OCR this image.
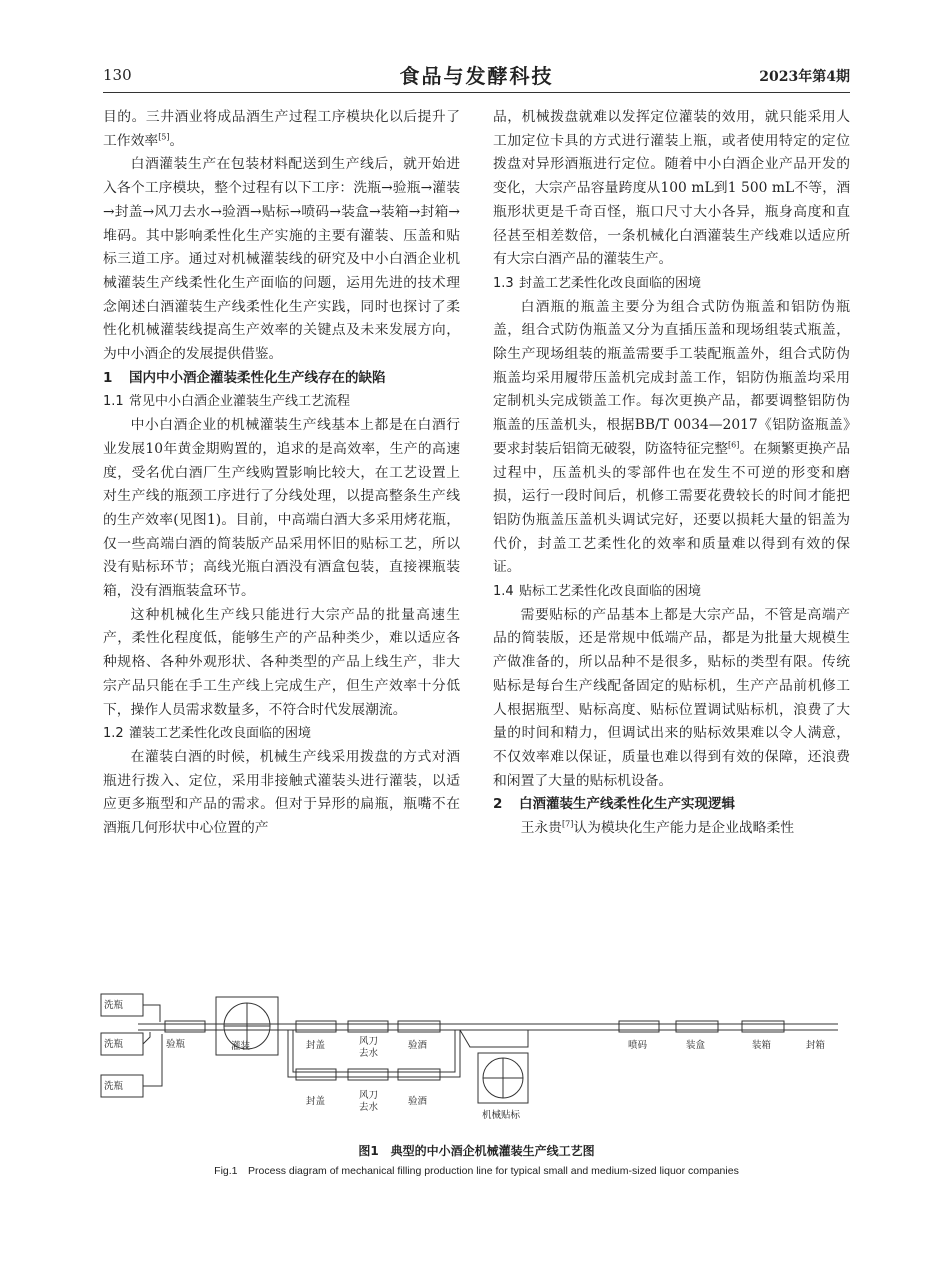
130	食品与发酵科技	2023年第4期

目的。三井酒业将成品酒生产过程工序模块化以后提升了工作效率[5]。

白酒灌装生产在包装材料配送到生产线后，就开始进入各个工序模块，整个过程有以下工序：洗瓶→验瓶→灌装→封盖→风刀去水→验酒→贴标→喷码→装盒→装箱→封箱→堆码。其中影响柔性化生产实施的主要有灌装、压盖和贴标三道工序。通过对机械灌装线的研究及中小白酒企业机械灌装生产线柔性化生产面临的问题，运用先进的技术理念阐述白酒灌装生产线柔性化生产实践，同时也探讨了柔性化机械灌装线提高生产效率的关键点及未来发展方向，为中小酒企的发展提供借鉴。

1 国内中小酒企灌装柔性化生产线存在的缺陷

1.1 常见中小白酒企业灌装生产线工艺流程

中小白酒企业的机械灌装生产线基本上都是在白酒行业发展10年黄金期购置的，追求的是高效率，生产的高速度，受名优白酒厂生产线购置影响比较大，在工艺设置上对生产线的瓶颈工序进行了分线处理，以提高整条生产线的生产效率(见图1)。目前，中高端白酒大多采用烤花瓶，仅一些高端白酒的简装版产品采用怀旧的贴标工艺，所以没有贴标环节；高线光瓶白酒没有酒盒包装，直接裸瓶装箱，没有酒瓶装盒环节。

这种机械化生产线只能进行大宗产品的批量高速生产，柔性化程度低，能够生产的产品种类少，难以适应各种规格、各种外观形状、各种类型的产品上线生产，非大宗产品只能在手工生产线上完成生产，但生产效率十分低下，操作人员需求数量多，不符合时代发展潮流。

1.2 灌装工艺柔性化改良面临的困境

在灌装白酒的时候，机械生产线采用拨盘的方式对酒瓶进行拨入、定位，采用非接触式灌装头进行灌装，以适应更多瓶型和产品的需求。但对于异形的扁瓶，瓶嘴不在酒瓶几何形状中心位置的产

品，机械拨盘就难以发挥定位灌装的效用，就只能采用人工加定位卡具的方式进行灌装上瓶，或者使用特定的定位拨盘对异形酒瓶进行定位。随着中小白酒企业产品开发的变化，大宗产品容量跨度从100 mL到1 500 mL不等，酒瓶形状更是千奇百怪，瓶口尺寸大小各异，瓶身高度和直径甚至相差数倍，一条机械化白酒灌装生产线难以适应所有大宗白酒产品的灌装生产。

1.3 封盖工艺柔性化改良面临的困境

白酒瓶的瓶盖主要分为组合式防伪瓶盖和铝防伪瓶盖，组合式防伪瓶盖又分为直插压盖和现场组装式瓶盖，除生产现场组装的瓶盖需要手工装配瓶盖外，组合式防伪瓶盖均采用履带压盖机完成封盖工作，铝防伪瓶盖均采用定制机头完成锁盖工作。每次更换产品，都要调整铝防伪瓶盖的压盖机头，根据BB/T 0034—2017《铝防盗瓶盖》要求封装后铝筒无破裂，防盗特征完整[6]。在频繁更换产品过程中，压盖机头的零部件也在发生不可逆的形变和磨损，运行一段时间后，机修工需要花费较长的时间才能把铝防伪瓶盖压盖机头调试完好，还要以损耗大量的铝盖为代价，封盖工艺柔性化的效率和质量难以得到有效的保证。

1.4 贴标工艺柔性化改良面临的困境

需要贴标的产品基本上都是大宗产品，不管是高端产品的简装版，还是常规中低端产品，都是为批量大规模生产做准备的，所以品种不是很多，贴标的类型有限。传统贴标是每台生产线配备固定的贴标机，生产产品前机修工人根据瓶型、贴标高度、贴标位置调试贴标机，浪费了大量的时间和精力，但调试出来的贴标效果难以令人满意，不仅效率难以保证，质量也难以得到有效的保障，还浪费和闲置了大量的贴标机设备。

2 白酒灌装生产线柔性化生产实现逻辑

王永贵[7]认为模块化生产能力是企业战略柔性

洗瓶
洗瓶
洗瓶
验瓶	灌装	封盖	风刀
去水
验酒
封盖
风刀
去水
验酒
机械贴标
喷码	装盒	装箱	封箱
图1　典型的中小酒企机械灌装生产线工艺图
Fig.1　Process diagram of mechanical filling production line for typical small and medium-sized liquor companies
